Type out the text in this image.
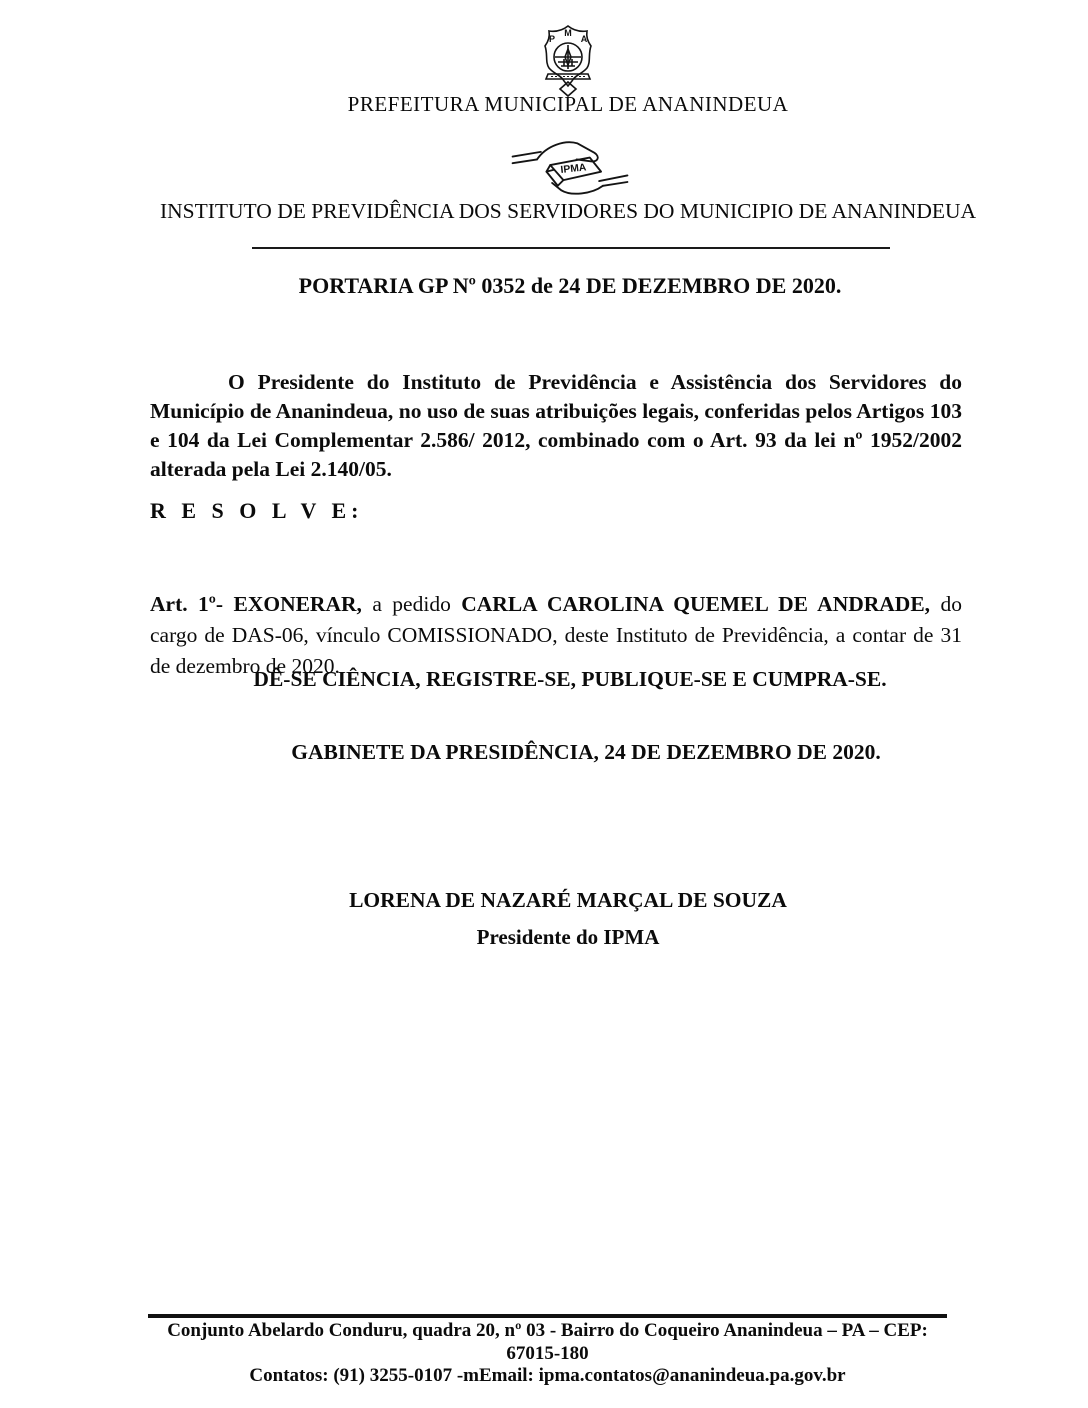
P
M
A
PREFEITURA MUNICIPAL DE ANANINDEUA
IPMA
INSTITUTO DE PREVIDÊNCIA DOS SERVIDORES DO MUNICIPIO DE ANANINDEUA
PORTARIA GP Nº 0352 de 24 DE DEZEMBRO DE 2020.

O Presidente do Instituto de Previdência e Assistência dos Servidores do Município de Ananindeua, no uso de suas atribuições legais, conferidas pelos Artigos 103 e 104 da Lei Complementar 2.586/ 2012, combinado com o Art. 93 da lei nº 1952/2002 alterada pela Lei 2.140/05.

R E S O L V E:

Art. 1º- EXONERAR, a pedido CARLA CAROLINA QUEMEL DE ANDRADE, do cargo de DAS-06, vínculo COMISSIONADO, deste Instituto de Previdência, a contar de 31 de dezembro de 2020.

DÊ-SE CIÊNCIA, REGISTRE-SE, PUBLIQUE-SE E CUMPRA-SE.
GABINETE DA PRESIDÊNCIA, 24 DE DEZEMBRO DE 2020.
LORENA DE NAZARÉ MARÇAL DE SOUZA
Presidente do IPMA
Conjunto Abelardo Conduru, quadra 20, nº 03 - Bairro do Coqueiro Ananindeua – PA – CEP: 67015-180
Contatos: (91) 3255-0107 -mEmail: ipma.contatos@ananindeua.pa.gov.br
